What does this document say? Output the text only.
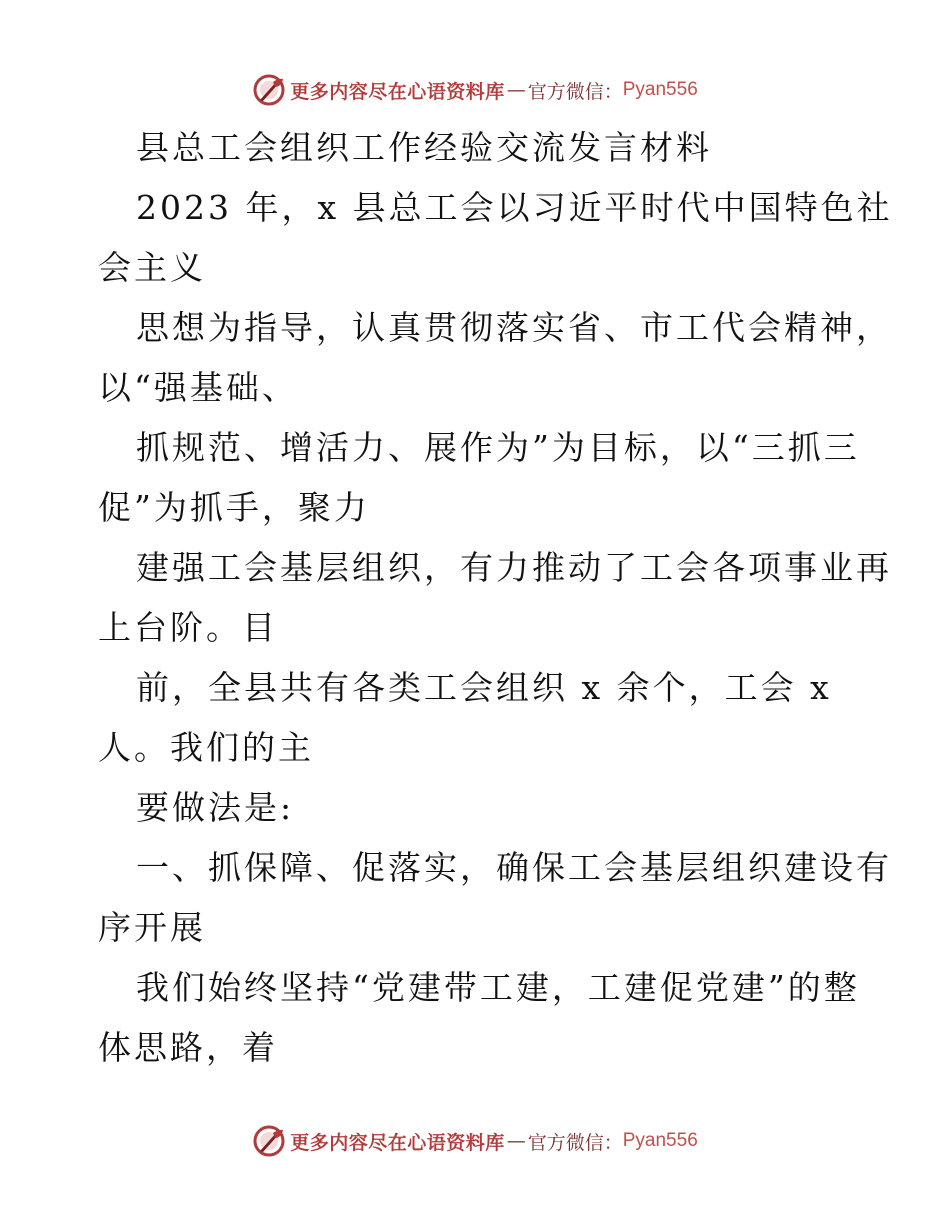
更多内容尽在心语资料库 — 官方微信： Pyan556
县总工会组织工作经验交流发言材料
2023 年，x 县总工会以习近平时代中国特色社
会主义
思想为指导，认真贯彻落实省、市工代会精神，
以“强基础、
抓规范、增活力、展作为”为目标，以“三抓三
促”为抓手，聚力
建强工会基层组织，有力推动了工会各项事业再
上台阶。目
前，全县共有各类工会组织 x 余个，工会 x
人。我们的主
要做法是:
一、抓保障、促落实，确保工会基层组织建设有
序开展
我们始终坚持“党建带工建，工建促党建”的整
体思路，着
更多内容尽在心语资料库 — 官方微信： Pyan556
